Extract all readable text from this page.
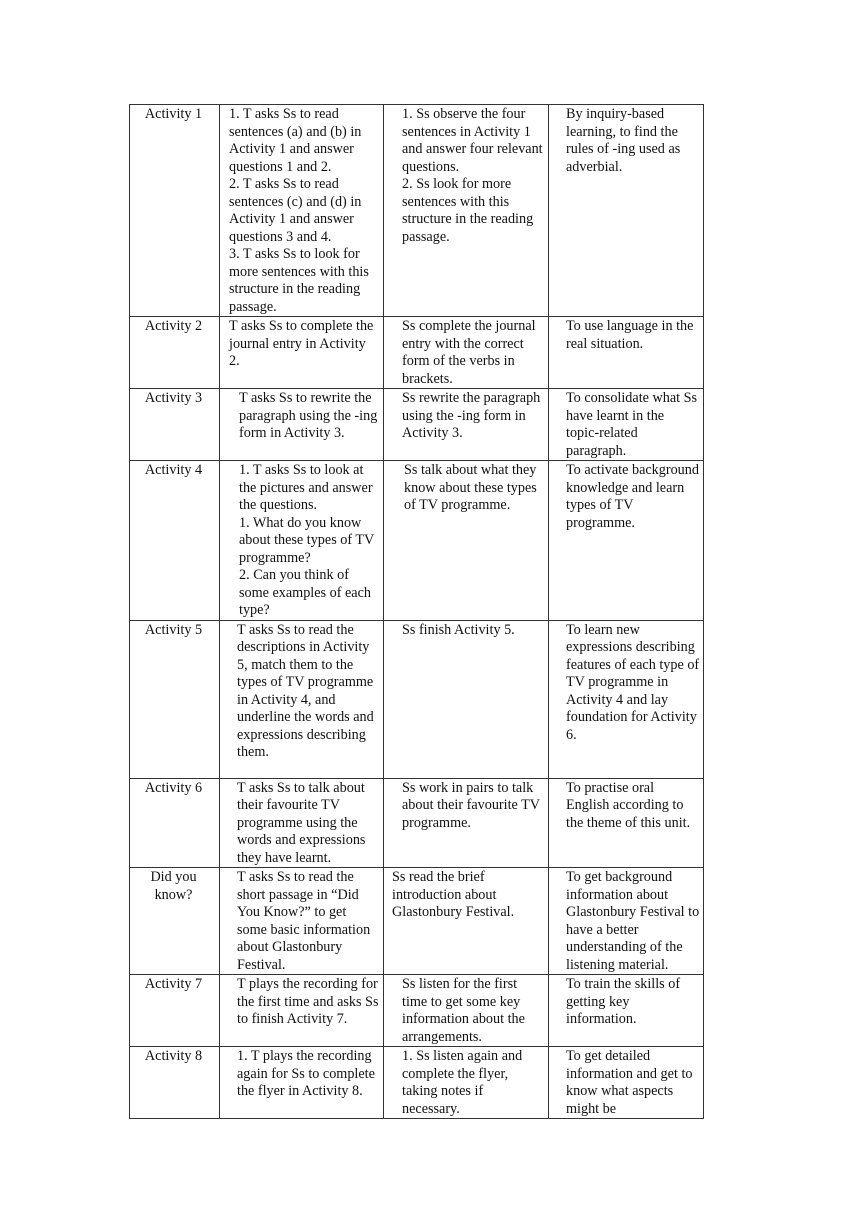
Activity 1	1. T asks Ss to read sentences (a) and (b) in Activity 1 and answer questions 1 and 2.
2. T asks Ss to read sentences (c) and (d) in Activity 1 and answer questions 3 and 4.
3. T asks Ss to look for more sentences with this structure in the reading passage.	1. Ss observe the four sentences in Activity 1 and answer four relevant questions.
2. Ss look for more sentences with this structure in the reading passage.	By inquiry-based learning, to find the rules of -ing used as adverbial.
Activity 2	T asks Ss to complete the journal entry in Activity 2.	Ss complete the journal entry with the correct form of the verbs in brackets.	To use language in the real situation.
Activity 3	T asks Ss to rewrite the paragraph using the -ing form in Activity 3.	Ss rewrite the paragraph using the -ing form in Activity 3.	To consolidate what Ss have learnt in the topic-related paragraph.
Activity 4	1. T asks Ss to look at the pictures and answer the questions.
1. What do you know about these types of TV programme?
2. Can you think of some examples of each type?	Ss talk about what they know about these types of TV programme.	To activate background knowledge and learn types of TV programme.
Activity 5	T asks Ss to read the descriptions in Activity 5, match them to the types of TV programme in Activity 4, and underline the words and expressions describing them.	Ss finish Activity 5.	To learn new expressions describing features of each type of TV programme in Activity 4 and lay foundation for Activity 6.
Activity 6	T asks Ss to talk about their favourite TV programme using the words and expressions they have learnt.	Ss work in pairs to talk about their favourite TV programme.	To practise oral English according to the theme of this unit.
Did you know?	T asks Ss to read the short passage in “Did You Know?” to get some basic information about Glastonbury Festival.	Ss read the brief introduction about Glastonbury Festival.	To get background information about Glastonbury Festival to have a better understanding of the listening material.
Activity 7	T plays the recording for the first time and asks Ss to finish Activity 7.	Ss listen for the first time to get some key information about the arrangements.	To train the skills of getting key information.
Activity 8	1. T plays the recording again for Ss to complete the flyer in Activity 8.	1. Ss listen again and complete the flyer, taking notes if necessary.	To get detailed information and get to know what aspects might be
